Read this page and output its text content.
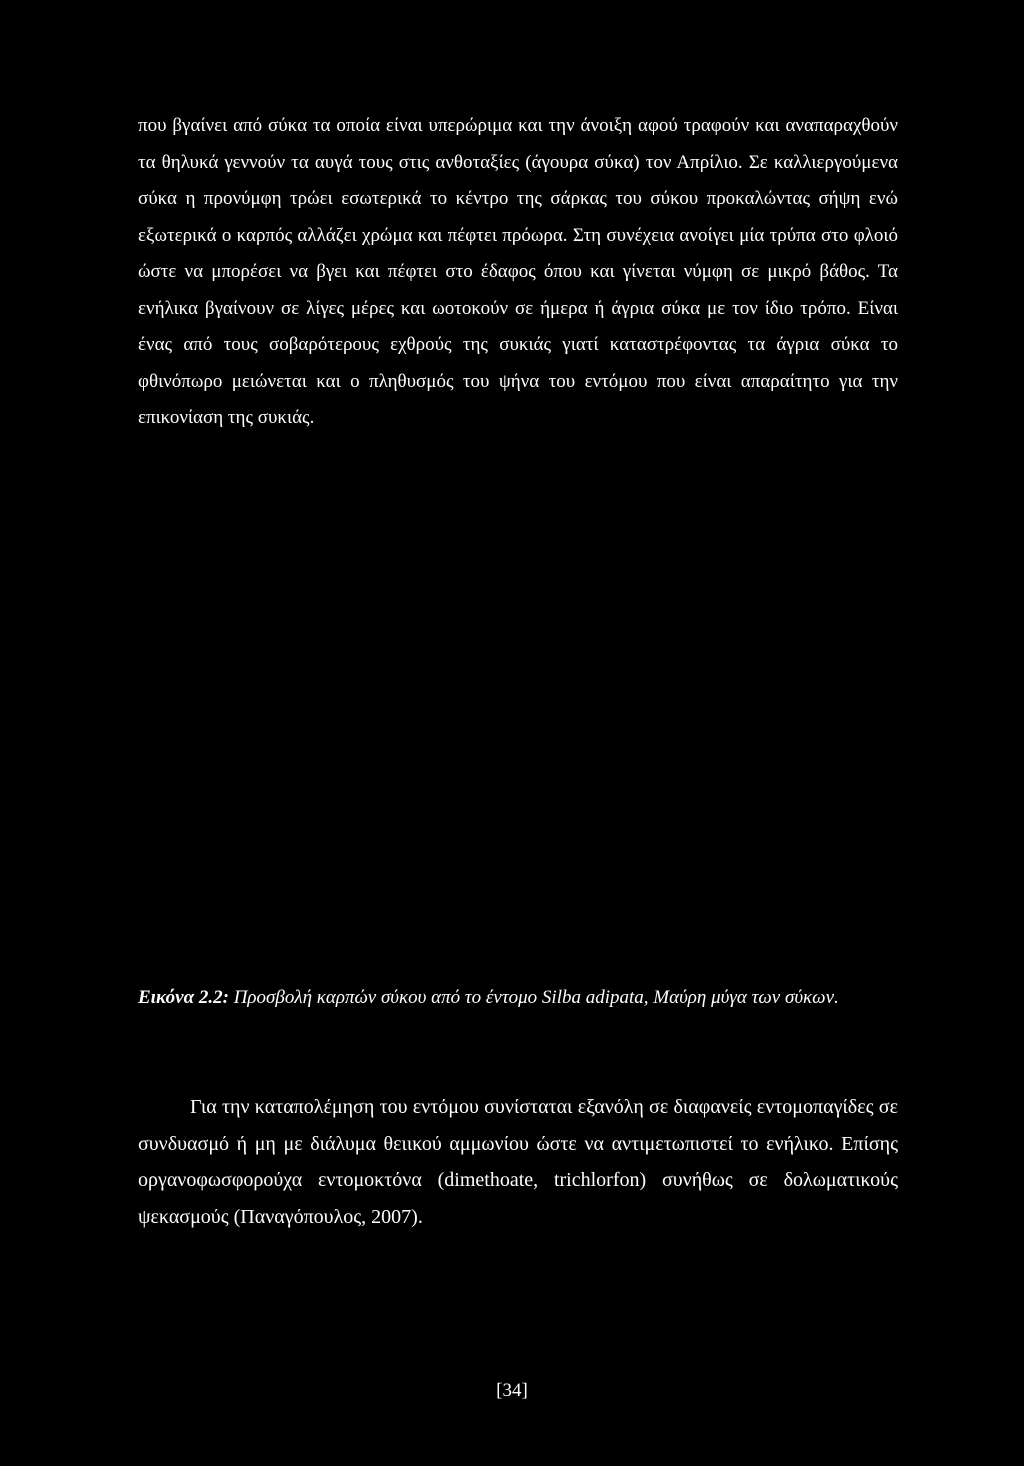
που βγαίνει από σύκα τα οποία είναι υπερώριμα και την άνοιξη αφού τραφούν και αναπαραχθούν τα θηλυκά γεννούν τα αυγά τους στις ανθοταξίες (άγουρα σύκα) τον Απρίλιο. Σε καλλιεργούμενα σύκα η προνύμφη τρώει εσωτερικά το κέντρο της σάρκας του σύκου προκαλώντας σήψη ενώ εξωτερικά ο καρπός αλλάζει χρώμα και πέφτει πρόωρα. Στη συνέχεια ανοίγει μία τρύπα στο φλοιό ώστε να μπορέσει να βγει και πέφτει στο έδαφος όπου και γίνεται νύμφη σε μικρό βάθος. Τα ενήλικα βγαίνουν σε λίγες μέρες και ωοτοκούν σε ήμερα ή άγρια σύκα με τον ίδιο τρόπο. Είναι ένας από τους σοβαρότερους εχθρούς της συκιάς γιατί καταστρέφοντας τα άγρια σύκα το φθινόπωρο μειώνεται και ο πληθυσμός του ψήνα του εντόμου που είναι απαραίτητο για την επικονίαση της συκιάς.

Εικόνα 2.2: Προσβολή καρπών σύκου από το έντομο Silba adipata, Μαύρη μύγα των σύκων.

Για την καταπολέμηση του εντόμου συνίσταται εξανόλη σε διαφανείς εντομοπαγίδες σε συνδυασμό ή μη με διάλυμα θειικού αμμωνίου ώστε να αντιμετωπιστεί το ενήλικο. Επίσης οργανοφωσφορούχα εντομοκτόνα (dimethoate, trichlorfon) συνήθως σε δολωματικούς ψεκασμούς (Παναγόπουλος, 2007).

[34]
